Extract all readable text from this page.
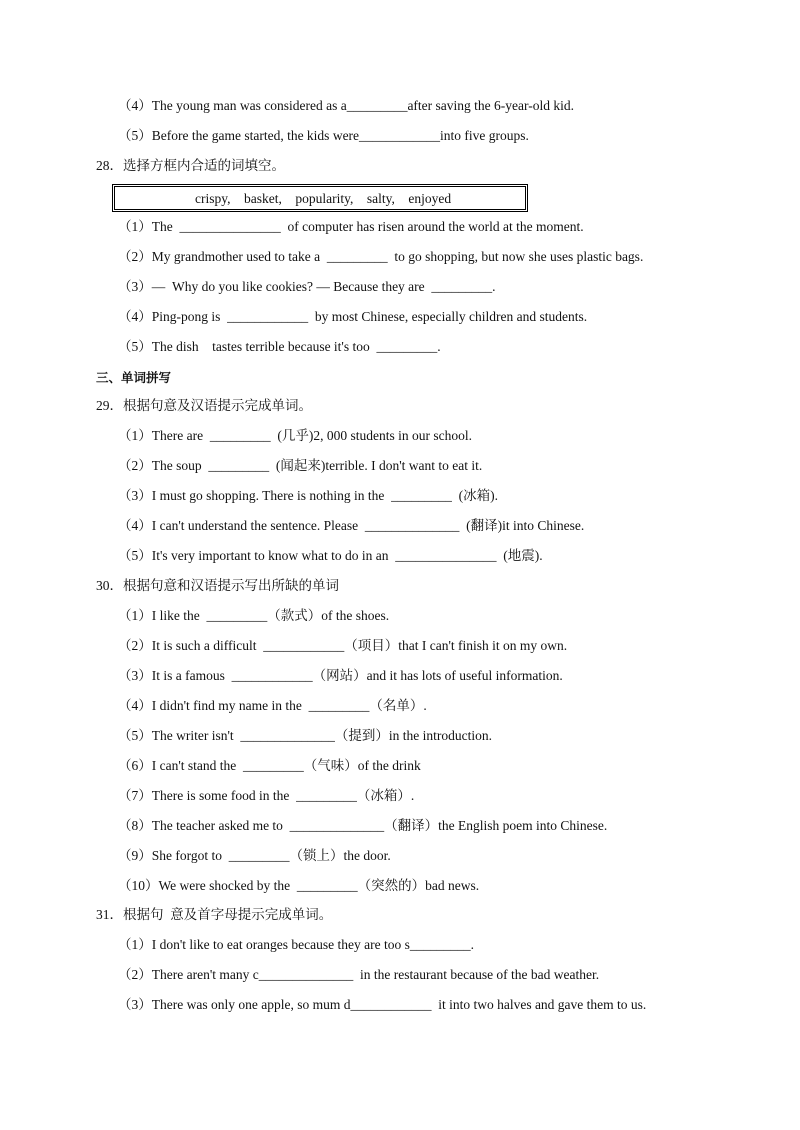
（4）The young man was considered as a_________after saving the 6-year-old kid.
（5）Before the game started, the kids were____________into five groups.
28．选择方框内合适的词填空。
crispy,    basket,    popularity,    salty,    enjoyed
（1）The  _______________  of computer has risen around the world at the moment.
（2）My grandmother used to take a  _________  to go shopping, but now she uses plastic bags.
（3）—  Why do you like cookies? — Because they are  _________.
（4）Ping-pong is  ____________  by most Chinese, especially children and students.
（5）The dish    tastes terrible because it's too  _________.
三、单词拼写
29．根据句意及汉语提示完成单词。
（1）There are  _________  (几乎)2, 000 students in our school.
（2）The soup  _________  (闻起来)terrible. I don't want to eat it.
（3）I must go shopping. There is nothing in the  _________  (冰箱).
（4）I can't understand the sentence. Please  ______________  (翻译)it into Chinese.
（5）It's very important to know what to do in an  _______________  (地震).
30．根据句意和汉语提示写出所缺的单词
（1）I like the  _________（款式）of the shoes.
（2）It is such a difficult  ____________（项目）that I can't finish it on my own.
（3）It is a famous  ____________（网站）and it has lots of useful information.
（4）I didn't find my name in the  _________（名单）.
（5）The writer isn't  ______________（提到）in the introduction.
（6）I can't stand the  _________（气味）of the drink
（7）There is some food in the  _________（冰箱）.
（8）The teacher asked me to  ______________（翻译）the English poem into Chinese.
（9）She forgot to  _________（锁上）the door.
（10）We were shocked by the  _________（突然的）bad news.
31．根据句  意及首字母提示完成单词。
（1）I don't like to eat oranges because they are too s_________.
（2）There aren't many c______________  in the restaurant because of the bad weather.
（3）There was only one apple, so mum d____________  it into two halves and gave them to us.
